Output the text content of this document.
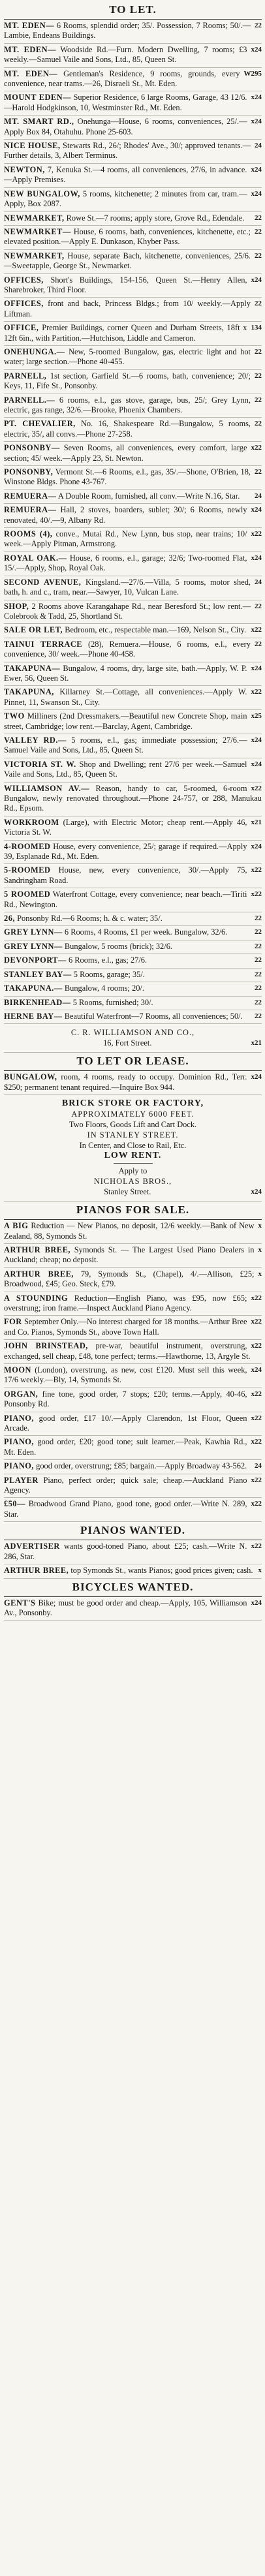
TO LET.
22
MT. EDEN— 6 Rooms, splendid order; 35/. Possession, 7 Rooms; 50/.—Lambie, Endeans Buildings.
x24
MT. EDEN— Woodside Rd.—Furn. Modern Dwelling, 7 rooms; £3 weekly.—Samuel Vaile and Sons, Ltd., 85, Queen St.
W295
MT. EDEN— Gentleman's Residence, 9 rooms, grounds, every convenience, near trams.—26, Disraeli St., Mt. Eden.
x24
MOUNT EDEN— Superior Residence, 6 large Rooms, Garage, 43 12/6.—Harold Hodgkinson, 10, Westminster Rd., Mt. Eden.
x24
MT. SMART RD., Onehunga—House, 6 rooms, conveniences, 25/.—Apply Box 84, Otahuhu. Phone 25-603.
24
NICE HOUSE, Stewarts Rd., 26/; Rhodes' Ave., 30/; approved tenants.—Further details, 3, Albert Terminus.
x24
NEWTON, 7, Kenuka St.—4 rooms, all conveniences, 27/6, in advance.—Apply Premises.
x24
NEW BUNGALOW, 5 rooms, kitchenette; 2 minutes from car, tram.—Apply, Box 2087.
22
NEWMARKET, Rowe St.—7 rooms; apply store, Grove Rd., Edendale.
22
NEWMARKET— House, 6 rooms, bath, conveniences, kitchenette, etc.; elevated position.—Apply E. Dunkason, Khyber Pass.
22
NEWMARKET, House, separate Bach, kitchenette, conveniences, 25/6.—Sweetapple, George St., Newmarket.
x24
OFFICES, Short's Buildings, 154-156, Queen St.—Henry Allen, Sharebroker, Third Floor.
22
OFFICES, front and back, Princess Bldgs.; from 10/ weekly.—Apply Liftman.
134
OFFICE, Premier Buildings, corner Queen and Durham Streets, 18ft x 12ft 6in., with Partition.—Hutchison, Liddle and Cameron.
22
ONEHUNGA.— New, 5-roomed Bungalow, gas, electric light and hot water; large section.—Phone 40-455.
22
PARNELL, 1st section, Garfield St.—6 rooms, bath, convenience; 20/; Keys, 11, Fife St., Ponsonby.
22
PARNELL.— 6 rooms, e.l., gas stove, garage, bus, 25/; Grey Lynn, electric, gas range, 32/6.—Brooke, Phoenix Chambers.
22
PT. CHEVALIER, No. 16, Shakespeare Rd.—Bungalow, 5 rooms, electric, 35/, all convs.—Phone 27-258.
x22
PONSONBY— Seven Rooms, all conveniences, every comfort, large section; 45/ week.—Apply 23, St. Newton.
22
PONSONBY, Vermont St.—6 Rooms, e.l., gas, 35/.—Shone, O'Brien, 18, Winstone Bldgs. Phone 43-767.
24
REMUERA— A Double Room, furnished, all conv.—Write N.16, Star.
x24
REMUERA— Hall, 2 stoves, boarders, sublet; 30/; 6 Rooms, newly renovated, 40/.—9, Albany Rd.
x22
ROOMS (4), conve., Mutai Rd., New Lynn, bus stop, near trains; 10/ week.—Apply Pitman, Armstrong.
x24
ROYAL OAK.— House, 6 rooms, e.l., garage; 32/6; Two-roomed Flat, 15/.—Apply, Shop, Royal Oak.
24
SECOND AVENUE, Kingsland.—27/6.—Villa, 5 rooms, motor shed, bath, h. and c., tram, near.—Sawyer, 10, Vulcan Lane.
22
SHOP, 2 Rooms above Karangahape Rd., near Beresford St.; low rent.—Colebrook & Tadd, 25, Shortland St.
x22
SALE OR LET, Bedroom, etc., respectable man.—169, Nelson St., City.
22
TAINUI TERRACE (28), Remuera.—House, 6 rooms, e.l., every convenience, 30/ week.—Phone 40-458.
x24
TAKAPUNA— Bungalow, 4 rooms, dry, large site, bath.—Apply, W. P. Ewer, 56, Queen St.
x22
TAKAPUNA, Killarney St.—Cottage, all conveniences.—Apply W. Pinnet, 11, Swanson St., City.
x25
TWO Milliners (2nd Dressmakers.—Beautiful new Concrete Shop, main street, Cambridge; low rent.—Barclay, Agent, Cambridge.
x24
VALLEY RD.— 5 rooms, e.l., gas; immediate possession; 27/6.—Samuel Vaile and Sons, Ltd., 85, Queen St.
x24
VICTORIA ST. W. Shop and Dwelling; rent 27/6 per week.—Samuel Vaile and Sons, Ltd., 85, Queen St.
x22
WILLIAMSON AV.— Reason, handy to car, 5-roomed, 6-room Bungalow, newly renovated throughout.—Phone 24-757, or 288, Manukau Rd., Epsom.
x21
WORKROOM (Large), with Electric Motor; cheap rent.—Apply 46, Victoria St. W.
x24
4-ROOMED House, every convenience, 25/; garage if required.—Apply 39, Esplanade Rd., Mt. Eden.
x22
5-ROOMED House, new, every convenience, 30/.—Apply 75, Sandringham Road.
x22
5 ROOMED Waterfront Cottage, every convenience; near beach.—Tiriti Rd., Newington.
22
26, Ponsonby Rd.—6 Rooms; h. & c. water; 35/.
22
GREY LYNN— 6 Rooms, 4 Rooms, £1 per week. Bungalow, 32/6.
22
GREY LYNN— Bungalow, 5 rooms (brick); 32/6.
22
DEVONPORT— 6 Rooms, e.l., gas; 27/6.
22
STANLEY BAY— 5 Rooms, garage; 35/.
22
TAKAPUNA.— Bungalow, 4 rooms; 20/.
22
BIRKENHEAD— 5 Rooms, furnished; 30/.
22
HERNE BAY— Beautiful Waterfront—7 Rooms, all conveniences; 50/.
C. R. WILLIAMSON AND CO.,
16, Fort Street.	x21
TO LET OR LEASE.
x24
BUNGALOW, room, 4 rooms, ready to occupy. Dominion Rd., Terr. $250; permanent tenant required.—Inquire Box 944.
BRICK STORE OR FACTORY,
APPROXIMATELY 6000 FEET.
Two Floors, Goods Lift and Cart Dock.
IN STANLEY STREET.
In Center, and Close to Rail, Etc.
LOW RENT.
Apply to
NICHOLAS BROS.,
Stanley Street.	x24
PIANOS FOR SALE.
x
A BIG Reduction — New Pianos, no deposit, 12/6 weekly.—Bank of New Zealand, 88, Symonds St.
x
ARTHUR BREE, Symonds St. — The Largest Used Piano Dealers in Auckland; cheap; no deposit.
x
ARTHUR BREE, 79, Symonds St., (Chapel), 4/.—Allison, £25; Broadwood, £45; Geo. Steck, £79.
x22
A STOUNDING Reduction—English Piano, was £95, now £65; overstrung; iron frame.—Inspect Auckland Piano Agency.
x22
FOR September Only.—No interest charged for 18 months.—Arthur Bree and Co. Pianos, Symonds St., above Town Hall.
x22
JOHN BRINSTEAD, pre-war, beautiful instrument, overstrung, exchanged, sell cheap, £48, tone perfect; terms.—Hawthorne, 13, Argyle St.
x24
MOON (London), overstrung, as new, cost £120. Must sell this week, 17/6 weekly.—Bly, 14, Symonds St.
x22
ORGAN, fine tone, good order, 7 stops; £20; terms.—Apply, 40-46, Ponsonby Rd.
x22
PIANO, good order, £17 10/.—Apply Clarendon, 1st Floor, Queen Arcade.
x22
PIANO, good order, £20; good tone; suit learner.—Peak, Kawhia Rd., Mt. Eden.
24
PIANO, good order, overstrung; £85; bargain.—Apply Broadway 43-562.
x22
PLAYER Piano, perfect order; quick sale; cheap.—Auckland Piano Agency.
x22
£50— Broadwood Grand Piano, good tone, good order.—Write N. 289, Star.
PIANOS WANTED.
x22
ADVERTISER wants good-toned Piano, about £25; cash.—Write N. 286, Star.
x
ARTHUR BREE, top Symonds St., wants Pianos; good prices given; cash.
BICYCLES WANTED.
x24
GENT'S Bike; must be good order and cheap.—Apply, 105, Williamson Av., Ponsonby.
